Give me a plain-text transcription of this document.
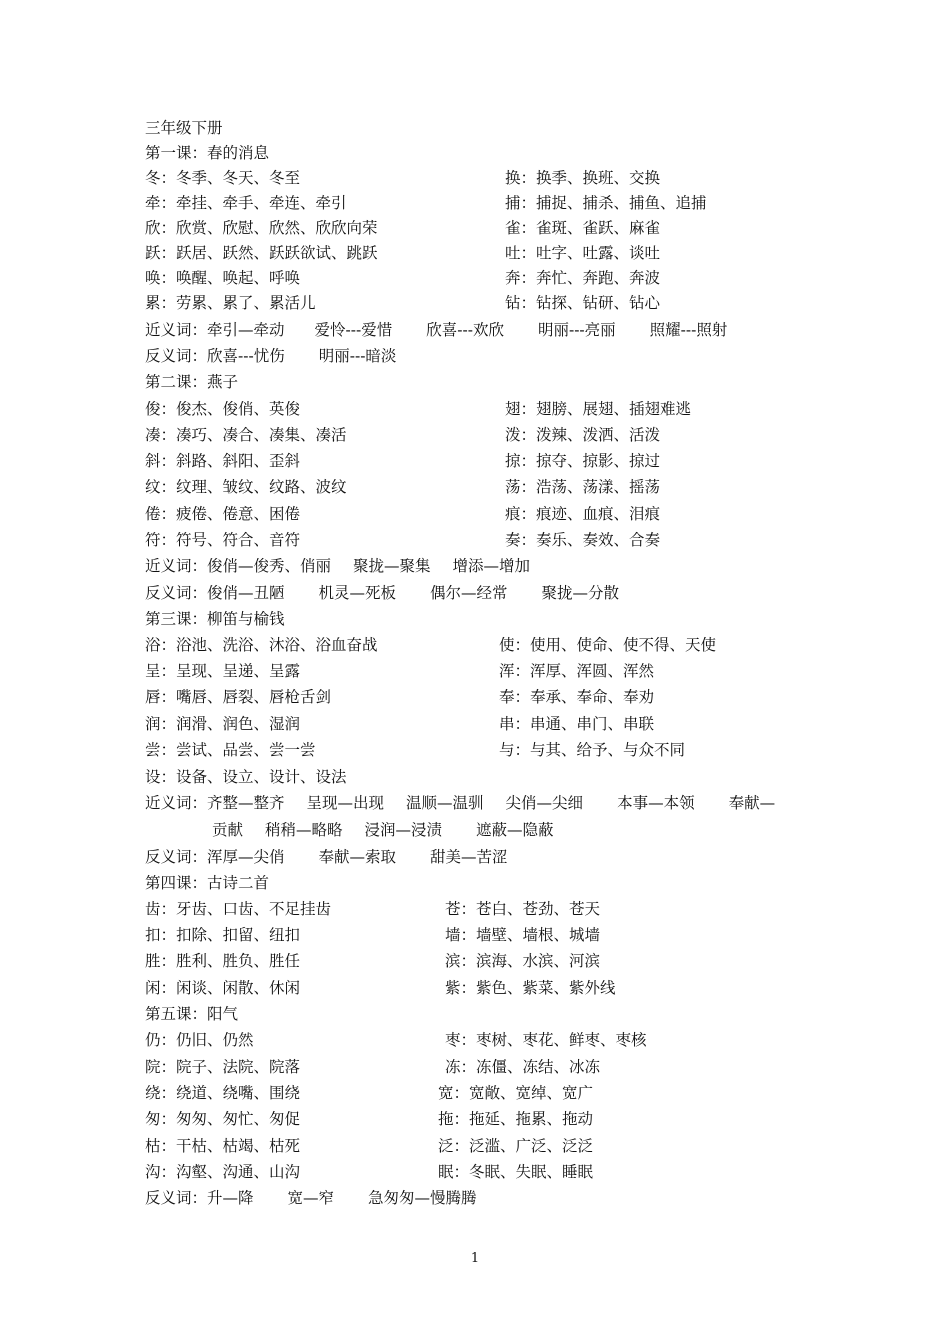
三年级下册
第一课：春的消息
冬：冬季、冬天、冬至	换：换季、换班、交换
牵：牵挂、牵手、牵连、牵引	捕：捕捉、捕杀、捕鱼、追捕
欣：欣赏、欣慰、欣然、欣欣向荣	雀：雀斑、雀跃、麻雀
跃：跃居、跃然、跃跃欲试、跳跃	吐：吐字、吐露、谈吐
唤：唤醒、唤起、呼唤	奔：奔忙、奔跑、奔波
累：劳累、累了、累活儿	钻：钻探、钻研、钻心
近义词：牵引—牵动 爱怜---爱惜 欣喜---欢欣 明丽---亮丽 照耀---照射
反义词：欣喜---忧伤 明丽---暗淡
第二课：燕子
俊：俊杰、俊俏、英俊	翅：翅膀、展翅、插翅难逃
凑：凑巧、凑合、凑集、凑活	泼：泼辣、泼洒、活泼
斜：斜路、斜阳、歪斜	掠：掠夺、掠影、掠过
纹：纹理、皱纹、纹路、波纹	荡：浩荡、荡漾、摇荡
倦：疲倦、倦意、困倦	痕：痕迹、血痕、泪痕
符：符号、符合、音符	奏：奏乐、奏效、合奏
近义词：俊俏—俊秀、俏丽 聚拢—聚集 增添—增加
反义词：俊俏—丑陋 机灵—死板 偶尔—经常 聚拢—分散
第三课：柳笛与榆钱
浴：浴池、洗浴、沐浴、浴血奋战	使：使用、使命、使不得、天使
呈：呈现、呈递、呈露	浑：浑厚、浑圆、浑然
唇：嘴唇、唇裂、唇枪舌剑	奉：奉承、奉命、奉劝
润：润滑、润色、湿润	串：串通、串门、串联
尝：尝试、品尝、尝一尝	与：与其、给予、与众不同
设：设备、设立、设计、设法
近义词：齐整—整齐 呈现—出现 温顺—温驯 尖俏—尖细 本事—本领 奉献—
贡献 稍稍—略略 浸润—浸渍 遮蔽—隐蔽
反义词：浑厚—尖俏 奉献—索取 甜美—苦涩
第四课：古诗二首
齿：牙齿、口齿、不足挂齿	苍：苍白、苍劲、苍天
扣：扣除、扣留、纽扣	墙：墙壁、墙根、城墙
胜：胜利、胜负、胜任	滨：滨海、水滨、河滨
闲：闲谈、闲散、休闲	紫：紫色、紫菜、紫外线
第五课：阳气
仍：仍旧、仍然	枣：枣树、枣花、鲜枣、枣核
院：院子、法院、院落	冻：冻僵、冻结、冰冻
绕：绕道、绕嘴、围绕	宽：宽敞、宽绰、宽广
匆：匆匆、匆忙、匆促	拖：拖延、拖累、拖动
枯：干枯、枯竭、枯死	泛：泛滥、广泛、泛泛
沟：沟壑、沟通、山沟	眠：冬眠、失眠、睡眠
反义词：升—降 宽—窄 急匆匆—慢腾腾
1
